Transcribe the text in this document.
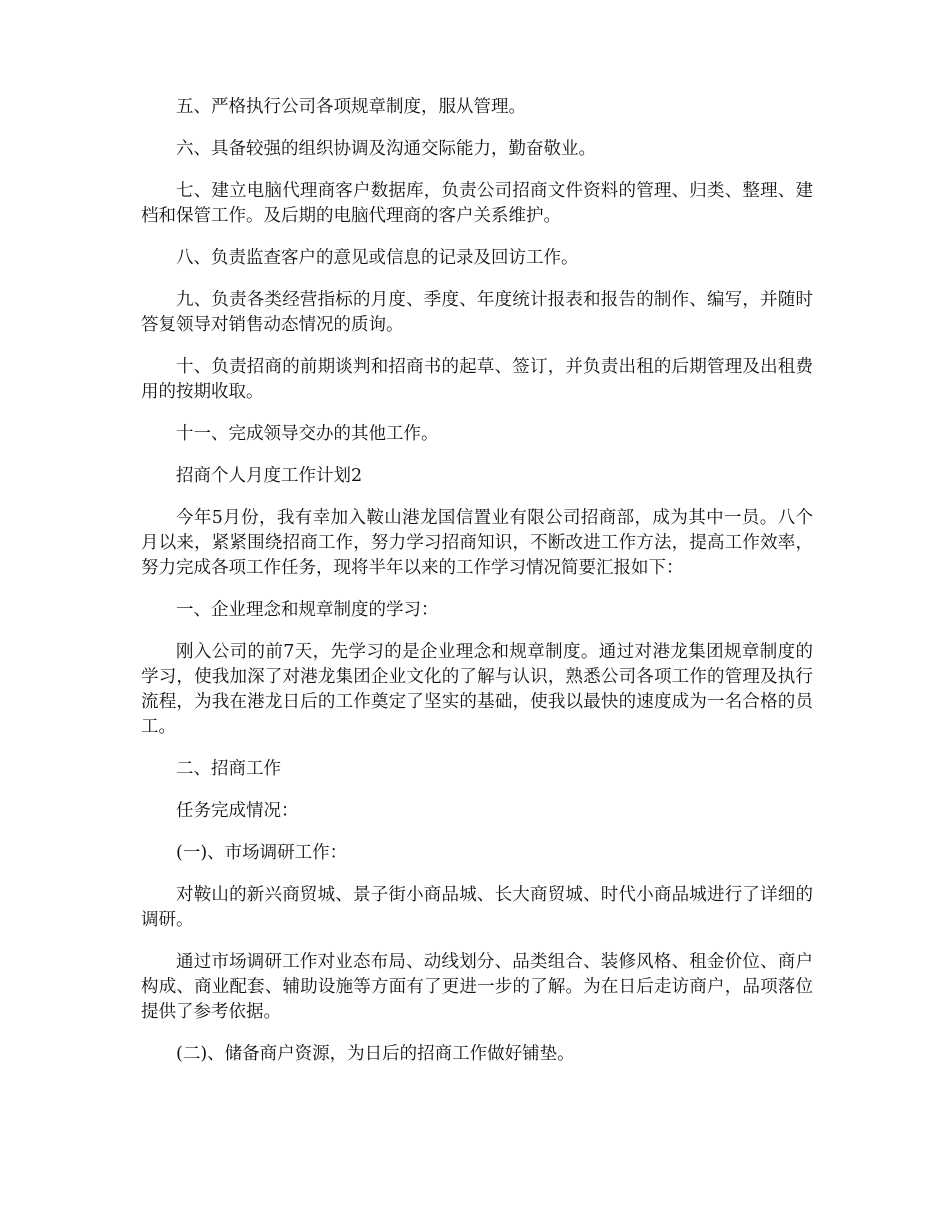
五、严格执行公司各项规章制度，服从管理。

六、具备较强的组织协调及沟通交际能力，勤奋敬业。

七、建立电脑代理商客户数据库，负责公司招商文件资料的管理、归类、整理、建档和保管工作。及后期的电脑代理商的客户关系维护。

八、负责监查客户的意见或信息的记录及回访工作。

九、负责各类经营指标的月度、季度、年度统计报表和报告的制作、编写，并随时答复领导对销售动态情况的质询。

十、负责招商的前期谈判和招商书的起草、签订，并负责出租的后期管理及出租费用的按期收取。

十一、完成领导交办的其他工作。

招商个人月度工作计划2

今年5月份，我有幸加入鞍山港龙国信置业有限公司招商部，成为其中一员。八个月以来，紧紧围绕招商工作，努力学习招商知识，不断改进工作方法，提高工作效率，努力完成各项工作任务，现将半年以来的工作学习情况简要汇报如下：

一、企业理念和规章制度的学习：

刚入公司的前7天，先学习的是企业理念和规章制度。通过对港龙集团规章制度的学习，使我加深了对港龙集团企业文化的了解与认识，熟悉公司各项工作的管理及执行流程，为我在港龙日后的工作奠定了坚实的基础，使我以最快的速度成为一名合格的员工。

二、招商工作

任务完成情况：

(一)、市场调研工作：

对鞍山的新兴商贸城、景子街小商品城、长大商贸城、时代小商品城进行了详细的调研。

通过市场调研工作对业态布局、动线划分、品类组合、装修风格、租金价位、商户构成、商业配套、辅助设施等方面有了更进一步的了解。为在日后走访商户，品项落位提供了参考依据。

(二)、储备商户资源，为日后的招商工作做好铺垫。
